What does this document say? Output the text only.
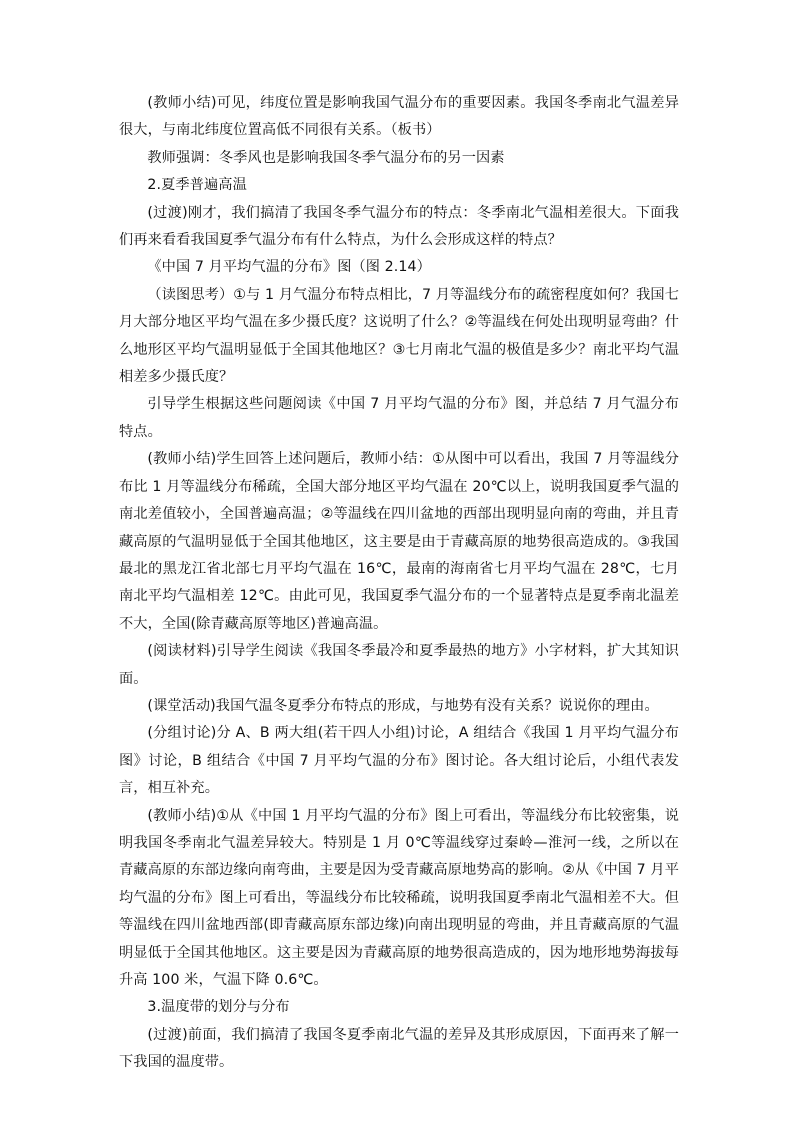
(教师小结)可见，纬度位置是影响我国气温分布的重要因素。我国冬季南北气温差异很大，与南北纬度位置高低不同很有关系。（板书）

教师强调：冬季风也是影响我国冬季气温分布的另一因素

2.夏季普遍高温

(过渡)刚才，我们搞清了我国冬季气温分布的特点：冬季南北气温相差很大。下面我们再来看看我国夏季气温分布有什么特点，为什么会形成这样的特点？

《中国 7 月平均气温的分布》图（图 2.14）

（读图思考）①与 1 月气温分布特点相比，7 月等温线分布的疏密程度如何？我国七月大部分地区平均气温在多少摄氏度？这说明了什么？②等温线在何处出现明显弯曲？什么地形区平均气温明显低于全国其他地区？③七月南北气温的极值是多少？南北平均气温相差多少摄氏度？

引导学生根据这些问题阅读《中国 7 月平均气温的分布》图，并总结 7 月气温分布特点。

(教师小结)学生回答上述问题后，教师小结：①从图中可以看出，我国 7 月等温线分布比 1 月等温线分布稀疏，全国大部分地区平均气温在 20℃以上，说明我国夏季气温的南北差值较小，全国普遍高温；②等温线在四川盆地的西部出现明显向南的弯曲，并且青藏高原的气温明显低于全国其他地区，这主要是由于青藏高原的地势很高造成的。③我国最北的黑龙江省北部七月平均气温在 16℃，最南的海南省七月平均气温在 28℃，七月南北平均气温相差 12℃。由此可见，我国夏季气温分布的一个显著特点是夏季南北温差不大，全国(除青藏高原等地区)普遍高温。

(阅读材料)引导学生阅读《我国冬季最冷和夏季最热的地方》小字材料，扩大其知识面。

(课堂活动)我国气温冬夏季分布特点的形成，与地势有没有关系？说说你的理由。

(分组讨论)分 A、B 两大组(若干四人小组)讨论，A 组结合《我国 1 月平均气温分布图》讨论，B 组结合《中国 7 月平均气温的分布》图讨论。各大组讨论后，小组代表发言，相互补充。

(教师小结)①从《中国 1 月平均气温的分布》图上可看出，等温线分布比较密集，说明我国冬季南北气温差异较大。特别是 1 月 0℃等温线穿过秦岭—淮河一线，之所以在青藏高原的东部边缘向南弯曲，主要是因为受青藏高原地势高的影响。②从《中国 7 月平均气温的分布》图上可看出，等温线分布比较稀疏，说明我国夏季南北气温相差不大。但等温线在四川盆地西部(即青藏高原东部边缘)向南出现明显的弯曲，并且青藏高原的气温明显低于全国其他地区。这主要是因为青藏高原的地势很高造成的，因为地形地势海拔每升高 100 米，气温下降 0.6℃。

3.温度带的划分与分布

(过渡)前面，我们搞清了我国冬夏季南北气温的差异及其形成原因，下面再来了解一下我国的温度带。
